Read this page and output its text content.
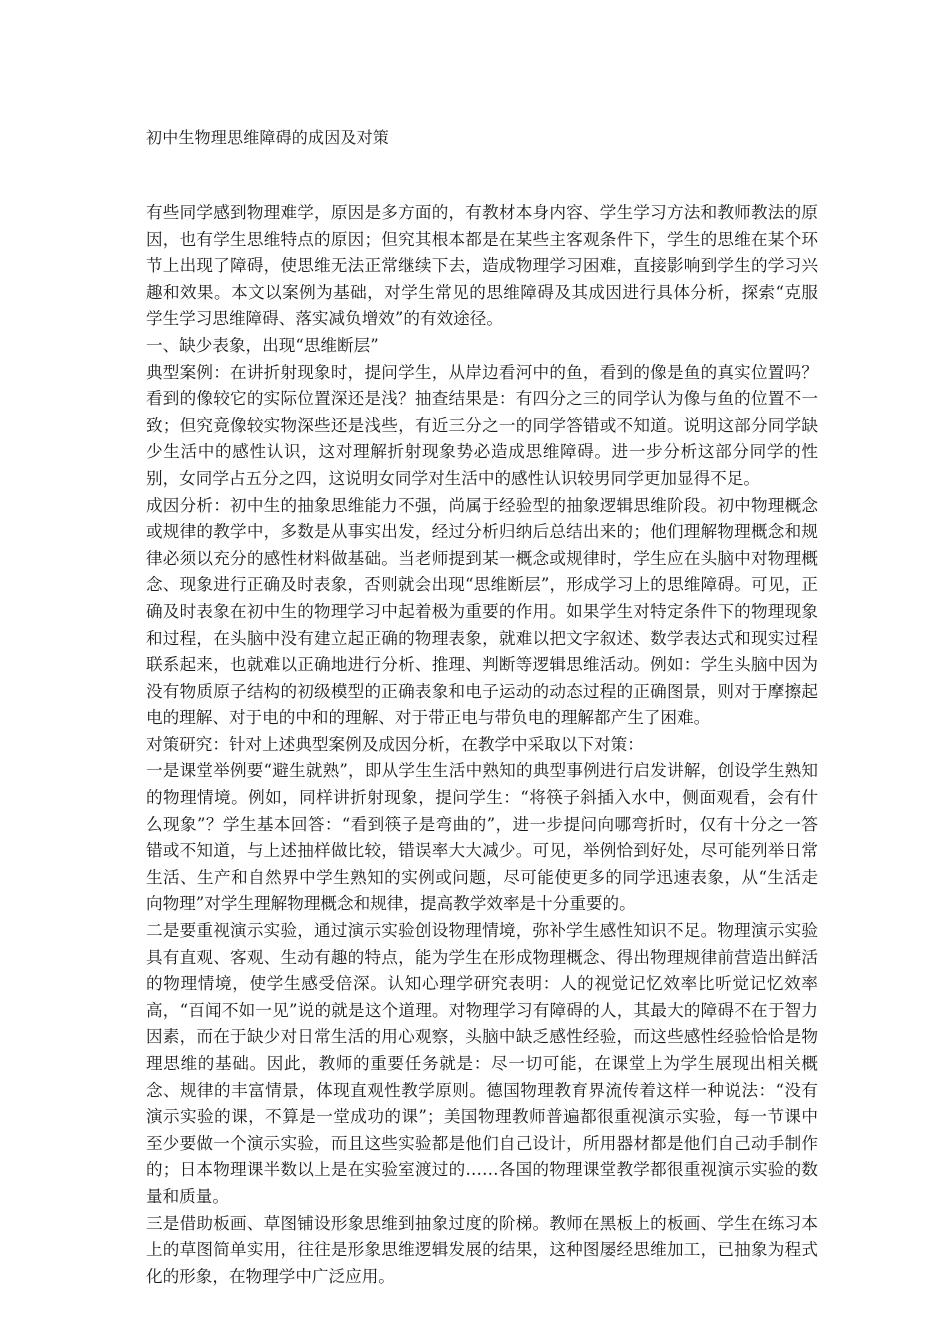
初中生物理思维障碍的成因及对策

有些同学感到物理难学，原因是多方面的，有教材本身内容、学生学习方法和教师教法的原因，也有学生思维特点的原因；但究其根本都是在某些主客观条件下，学生的思维在某个环节上出现了障碍，使思维无法正常继续下去，造成物理学习困难，直接影响到学生的学习兴趣和效果。本文以案例为基础，对学生常见的思维障碍及其成因进行具体分析，探索“克服学生学习思维障碍、落实减负增效”的有效途径。

一、缺少表象，出现“思维断层”

典型案例：在讲折射现象时，提问学生，从岸边看河中的鱼，看到的像是鱼的真实位置吗？看到的像较它的实际位置深还是浅？抽查结果是：有四分之三的同学认为像与鱼的位置不一致；但究竟像较实物深些还是浅些，有近三分之一的同学答错或不知道。说明这部分同学缺少生活中的感性认识，这对理解折射现象势必造成思维障碍。进一步分析这部分同学的性别，女同学占五分之四，这说明女同学对生活中的感性认识较男同学更加显得不足。

成因分析：初中生的抽象思维能力不强，尚属于经验型的抽象逻辑思维阶段。初中物理概念或规律的教学中，多数是从事实出发，经过分析归纳后总结出来的；他们理解物理概念和规律必须以充分的感性材料做基础。当老师提到某一概念或规律时，学生应在头脑中对物理概念、现象进行正确及时表象，否则就会出现“思维断层”，形成学习上的思维障碍。可见，正确及时表象在初中生的物理学习中起着极为重要的作用。如果学生对特定条件下的物理现象和过程，在头脑中没有建立起正确的物理表象，就难以把文字叙述、数学表达式和现实过程联系起来，也就难以正确地进行分析、推理、判断等逻辑思维活动。例如：学生头脑中因为没有物质原子结构的初级模型的正确表象和电子运动的动态过程的正确图景，则对于摩擦起电的理解、对于电的中和的理解、对于带正电与带负电的理解都产生了困难。

对策研究：针对上述典型案例及成因分析，在教学中采取以下对策：

一是课堂举例要“避生就熟”，即从学生生活中熟知的典型事例进行启发讲解，创设学生熟知的物理情境。例如，同样讲折射现象，提问学生：“将筷子斜插入水中，侧面观看，会有什么现象”？学生基本回答：“看到筷子是弯曲的”，进一步提问向哪弯折时，仅有十分之一答错或不知道，与上述抽样做比较，错误率大大减少。可见，举例恰到好处，尽可能列举日常生活、生产和自然界中学生熟知的实例或问题，尽可能使更多的同学迅速表象，从“生活走向物理”对学生理解物理概念和规律，提高教学效率是十分重要的。

二是要重视演示实验，通过演示实验创设物理情境，弥补学生感性知识不足。物理演示实验具有直观、客观、生动有趣的特点，能为学生在形成物理概念、得出物理规律前营造出鲜活的物理情境，使学生感受倍深。认知心理学研究表明：人的视觉记忆效率比听觉记忆效率高，“百闻不如一见”说的就是这个道理。对物理学习有障碍的人，其最大的障碍不在于智力因素，而在于缺少对日常生活的用心观察，头脑中缺乏感性经验，而这些感性经验恰恰是物理思维的基础。因此，教师的重要任务就是：尽一切可能，在课堂上为学生展现出相关概念、规律的丰富情景，体现直观性教学原则。德国物理教育界流传着这样一种说法：“没有演示实验的课，不算是一堂成功的课”；美国物理教师普遍都很重视演示实验，每一节课中至少要做一个演示实验，而且这些实验都是他们自己设计，所用器材都是他们自己动手制作的；日本物理课半数以上是在实验室渡过的……各国的物理课堂教学都很重视演示实验的数量和质量。

三是借助板画、草图铺设形象思维到抽象过度的阶梯。教师在黑板上的板画、学生在练习本上的草图简单实用，往往是形象思维逻辑发展的结果，这种图屡经思维加工，已抽象为程式化的形象，在物理学中广泛应用。
